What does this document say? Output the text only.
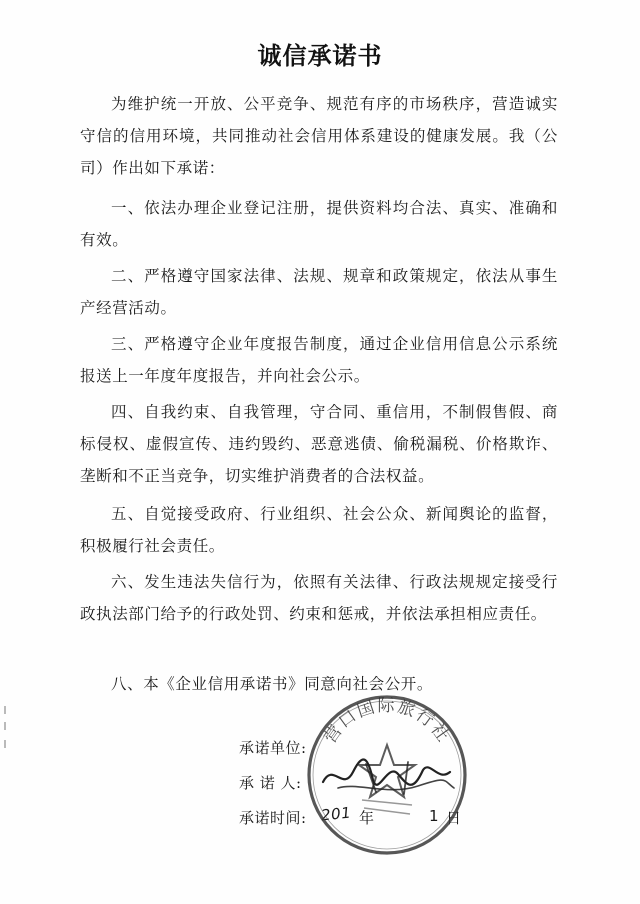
诚信承诺书

为维护统一开放、公平竞争、规范有序的市场秩序，营造诚实守信的信用环境，共同推动社会信用体系建设的健康发展。我（公司）作出如下承诺：

一、依法办理企业登记注册，提供资料均合法、真实、准确和有效。

二、严格遵守国家法律、法规、规章和政策规定，依法从事生产经营活动。

三、严格遵守企业年度报告制度，通过企业信用信息公示系统报送上一年度年度报告，并向社会公示。

四、自我约束、自我管理，守合同、重信用，不制假售假、商标侵权、虚假宣传、违约毁约、恶意逃债、偷税漏税、价格欺诈、垄断和不正当竞争，切实维护消费者的合法权益。

五、自觉接受政府、行业组织、社会公众、新闻舆论的监督，积极履行社会责任。

六、发生违法失信行为，依照有关法律、行政法规规定接受行政执法部门给予的行政处罚、约束和惩戒，并依法承担相应责任。

八、本《企业信用承诺书》同意向社会公开。

承诺单位:
承 诺 人:
承诺时间: 201 年	1 日
营口国际旅行社
